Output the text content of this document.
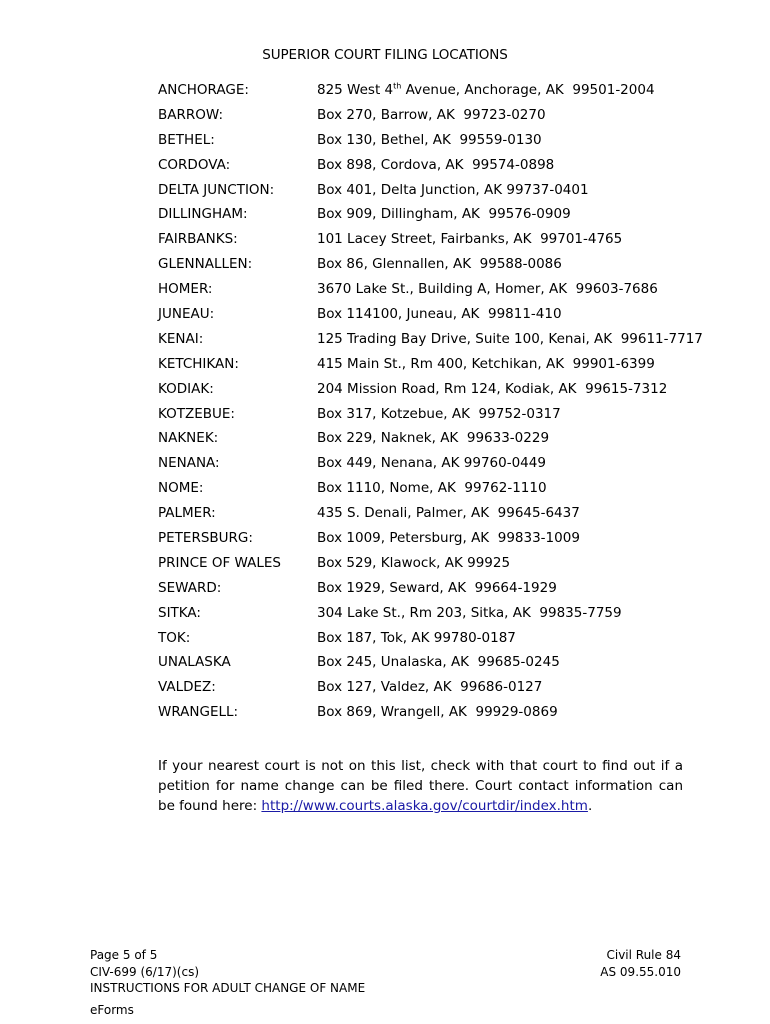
SUPERIOR COURT FILING LOCATIONS
ANCHORAGE:	825 West 4th Avenue, Anchorage, AK  99501-2004
BARROW:	Box 270, Barrow, AK  99723-0270
BETHEL:	Box 130, Bethel, AK  99559-0130
CORDOVA:	Box 898, Cordova, AK  99574-0898
DELTA JUNCTION:	Box 401, Delta Junction, AK 99737-0401
DILLINGHAM:	Box 909, Dillingham, AK  99576-0909
FAIRBANKS:	101 Lacey Street, Fairbanks, AK  99701-4765
GLENNALLEN:	Box 86, Glennallen, AK  99588-0086
HOMER:	3670 Lake St., Building A, Homer, AK  99603-7686
JUNEAU:	Box 114100, Juneau, AK  99811-410
KENAI:	125 Trading Bay Drive, Suite 100, Kenai, AK  99611-7717
KETCHIKAN:	415 Main St., Rm 400, Ketchikan, AK  99901-6399
KODIAK:	204 Mission Road, Rm 124, Kodiak, AK  99615-7312
KOTZEBUE:	Box 317, Kotzebue, AK  99752-0317
NAKNEK:	Box 229, Naknek, AK  99633-0229
NENANA:	Box 449, Nenana, AK 99760-0449
NOME:	Box 1110, Nome, AK  99762-1110
PALMER:	435 S. Denali, Palmer, AK  99645-6437
PETERSBURG:	Box 1009, Petersburg, AK  99833-1009
PRINCE OF WALES	Box 529, Klawock, AK 99925
SEWARD:	Box 1929, Seward, AK  99664-1929
SITKA:	304 Lake St., Rm 203, Sitka, AK  99835-7759
TOK:	Box 187, Tok, AK 99780-0187
UNALASKA	Box 245, Unalaska, AK  99685-0245
VALDEZ:	Box 127, Valdez, AK  99686-0127
WRANGELL:	Box 869, Wrangell, AK  99929-0869
If your nearest court is not on this list, check with that court to find out if a petition for name change can be filed there. Court contact information can be found here: http://www.courts.alaska.gov/courtdir/index.htm.
Page 5 of 5
CIV-699 (6/17)(cs)
INSTRUCTIONS FOR ADULT CHANGE OF NAME
Civil Rule 84
AS 09.55.010
eForms
